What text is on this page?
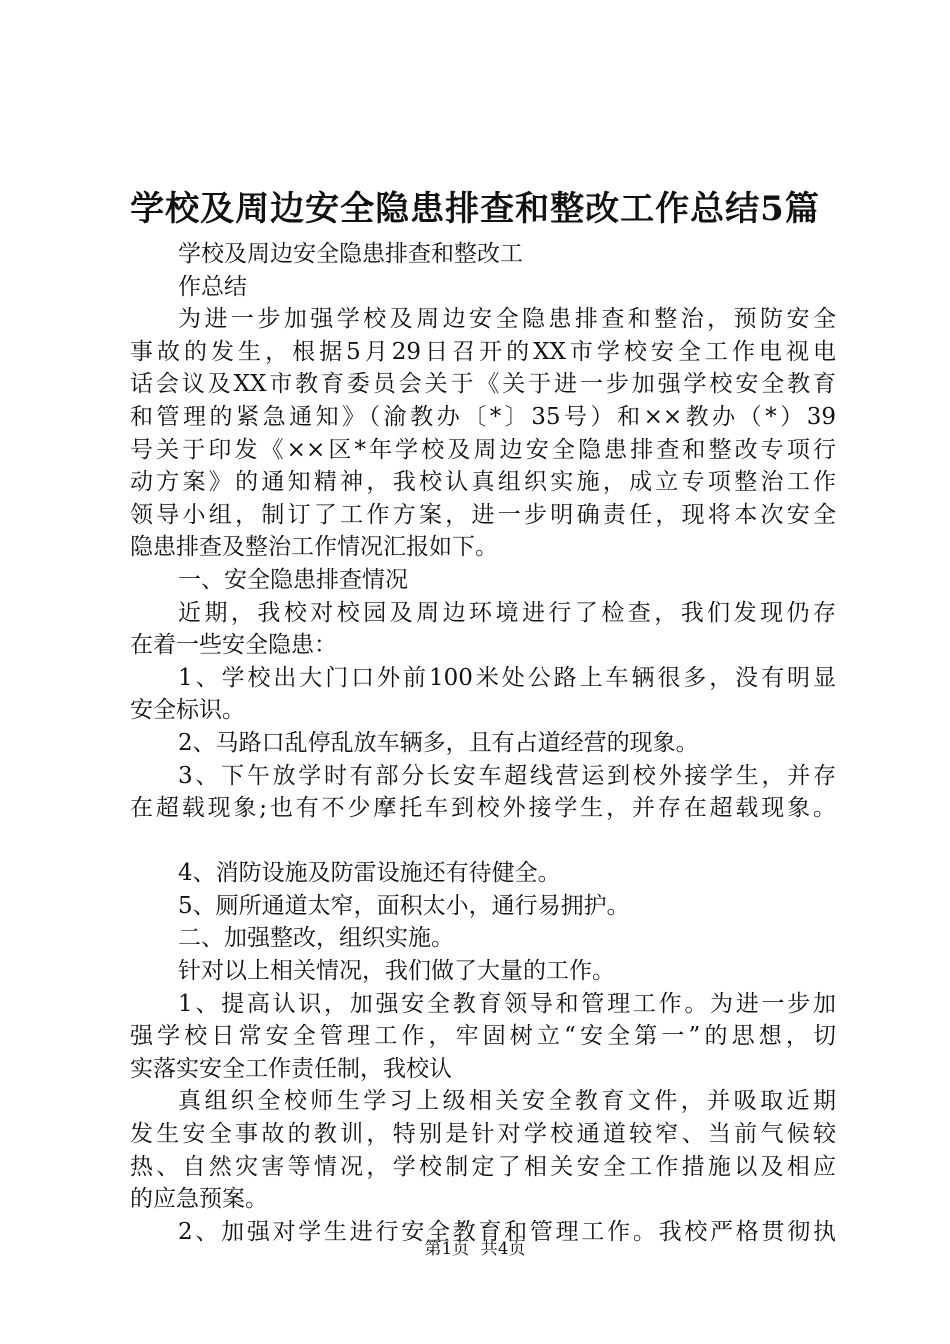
学校及周边安全隐患排查和整改工作总结5篇
学校及周边安全隐患排查和整改工
作总结
为进一步加强学校及周边安全隐患排查和整治，预防安全
事故的发生，根据5月29日召开的XX市学校安全工作电视电
话会议及XX市教育委员会关于《关于进一步加强学校安全教育
和管理的紧急通知》（渝教办〔*〕35号）和××教办（*）39
号关于印发《××区*年学校及周边安全隐患排查和整改专项行
动方案》的通知精神，我校认真组织实施，成立专项整治工作
领导小组，制订了工作方案，进一步明确责任，现将本次安全
隐患排查及整治工作情况汇报如下。
一、安全隐患排查情况
近期，我校对校园及周边环境进行了检查，我们发现仍存
在着一些安全隐患：
1、学校出大门口外前100米处公路上车辆很多，没有明显
安全标识。
2、马路口乱停乱放车辆多，且有占道经营的现象。
3、下午放学时有部分长安车超线营运到校外接学生，并存
在超载现象;也有不少摩托车到校外接学生，并存在超载现象。
4、消防设施及防雷设施还有待健全。
5、厕所通道太窄，面积太小，通行易拥护。
二、加强整改，组织实施。
针对以上相关情况，我们做了大量的工作。
1、提高认识，加强安全教育领导和管理工作。为进一步加
强学校日常安全管理工作，牢固树立“安全第一”的思想，切
实落实安全工作责任制，我校认
真组织全校师生学习上级相关安全教育文件，并吸取近期
发生安全事故的教训，特别是针对学校通道较窄、当前气候较
热、自然灾害等情况，学校制定了相关安全工作措施以及相应
的应急预案。
2、加强对学生进行安全教育和管理工作。我校严格贯彻执
第1页 共4页
